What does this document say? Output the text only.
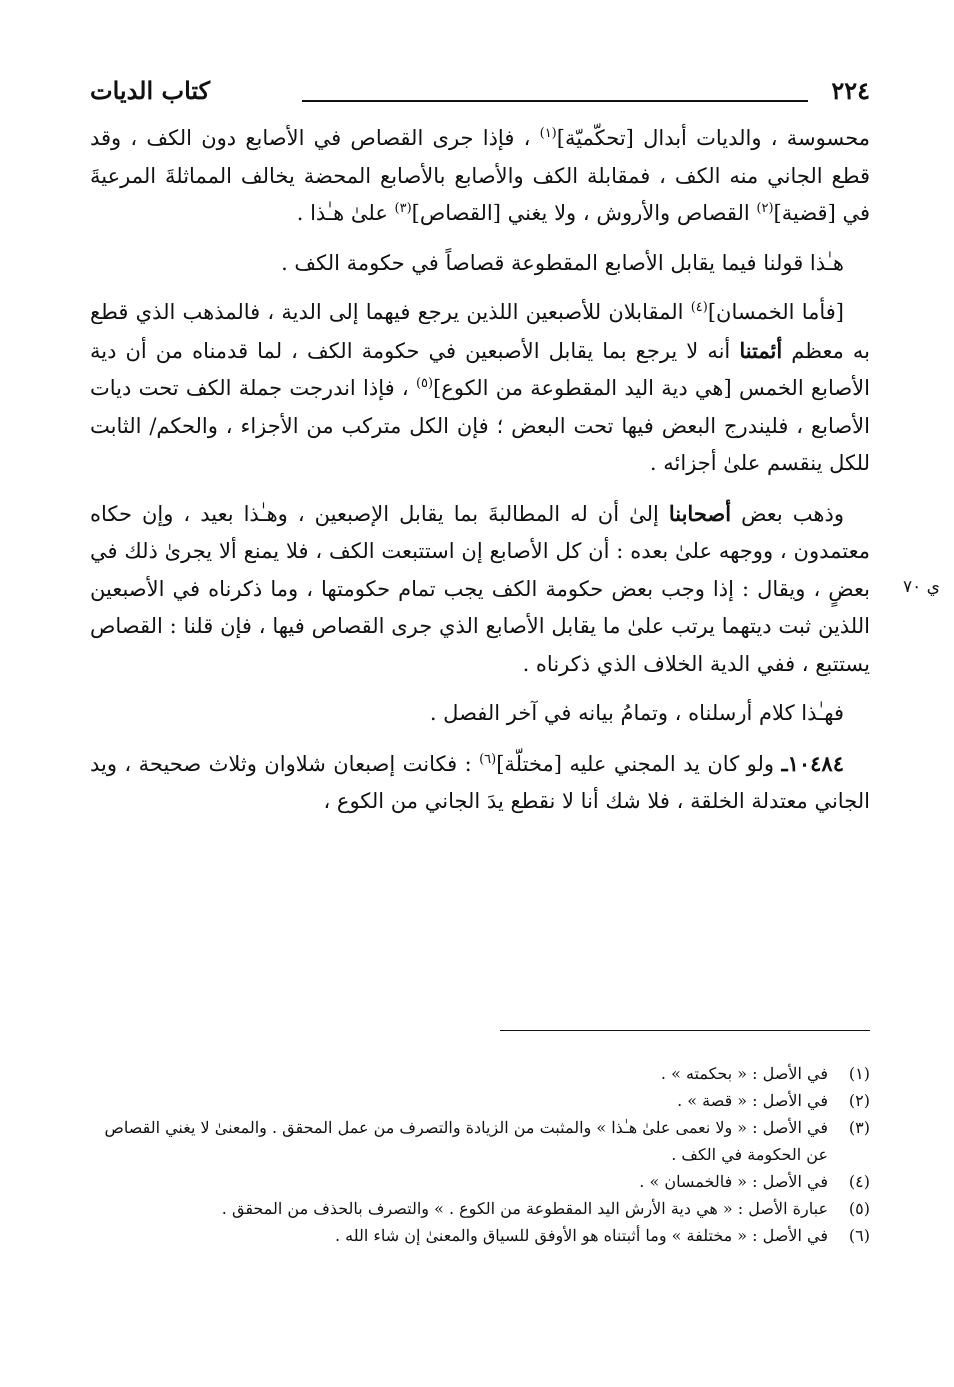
٢٢٤
كتاب الديات

محسوسة ، والديات أبدال [تحكّميّة]$^{(١)}$ ، فإذا جرى القصاص في الأصابع دون الكف ، وقد قطع الجاني منه الكف ، فمقابلة الكف والأصابع بالأصابع المحضة يخالف المماثلةَ المرعيةَ في [قضية]$^{(٢)}$ القصاص والأروش ، ولا يغني [القصاص]$^{(٣)}$ علىٰ هـٰذا .

هـٰذا قولنا فيما يقابل الأصابع المقطوعة قصاصاً في حكومة الكف .

[فأما الخمسان]$^{(٤)}$ المقابلان للأصبعين اللذين يرجع فيهما إلى الدية ، فالمذهب الذي قطع به معظم أئمتنا أنه لا يرجع بما يقابل الأصبعين في حكومة الكف ، لما قدمناه من أن دية الأصابع الخمس [هي دية اليد المقطوعة من الكوع]$^{(٥)}$ ، فإذا اندرجت جملة الكف تحت ديات الأصابع ، فليندرج البعض فيها تحت البعض ؛ فإن الكل متركب من الأجزاء ، والحكم/ الثابت للكل ينقسم علىٰ أجزائه .

وذهب بعض أصحابنا إلىٰ أن له المطالبةَ بما يقابل الإصبعين ، وهـٰذا بعيد ، وإن حكاه معتمدون ، ووجهه علىٰ بعده : أن كل الأصابع إن استتبعت الكف ، فلا يمنع ألا يجرىٰ ذلك في بعضٍ ، ويقال : إذا وجب بعض حكومة الكف يجب تمام حكومتها ، وما ذكرناه في الأصبعين اللذين ثبت ديتهما يرتب علىٰ ما يقابل الأصابع الذي جرى القصاص فيها ، فإن قلنا : القصاص يستتبع ، ففي الدية الخلاف الذي ذكرناه .

فهـٰذا كلام أرسلناه ، وتمامُ بيانه في آخر الفصل .

١٠٤٨٤ـ ولو كان يد المجني عليه [مختلّة]$^{(٦)}$ : فكانت إصبعان شلاوان وثلاث صحيحة ، ويد الجاني معتدلة الخلقة ، فلا شك أنا لا نقطع يدَ الجاني من الكوع ،

ي ٧٠
(١)
في الأصل : « بحكمته » .
(٢)
في الأصل : « قصة » .
(٣)
في الأصل : « ولا نعمى علىٰ هـٰذا » والمثبت من الزيادة والتصرف من عمل المحقق . والمعنىٰ لا يغني القصاص عن الحكومة في الكف .
(٤)
في الأصل : « فالخمسان » .
(٥)
عبارة الأصل : « هي دية الأرش اليد المقطوعة من الكوع . » والتصرف بالحذف من المحقق .
(٦)
في الأصل : « مختلفة » وما أثبتناه هو الأوفق للسياق والمعنىٰ إن شاء الله .
